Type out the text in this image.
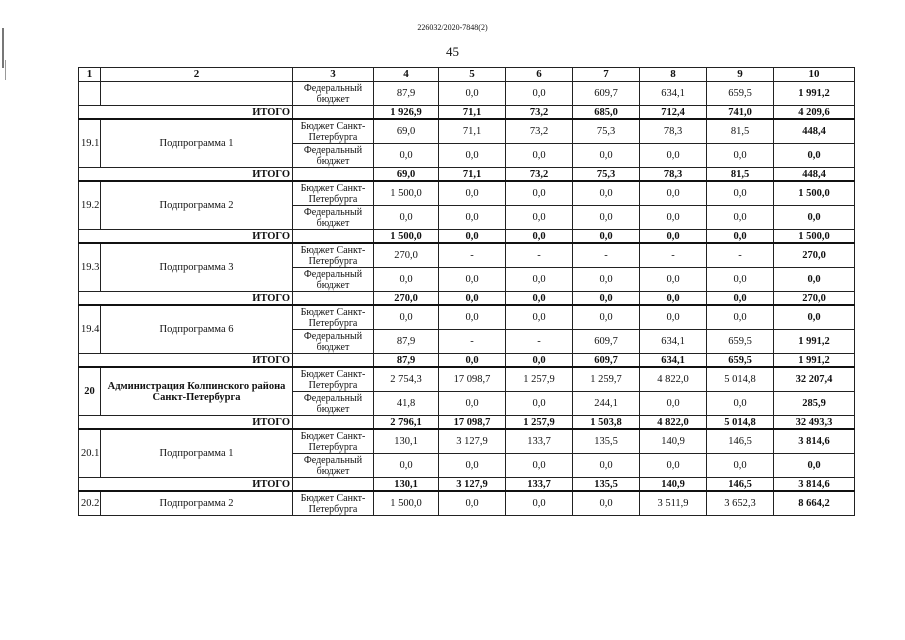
226032/2020-7848(2)
45
1	2	3	4	5	6	7	8	9	10
		Федеральный бюджет	87,9	0,0	0,0	609,7	634,1	659,5	1 991,2
ИТОГО			1 926,9	71,1	73,2	685,0	712,4	741,0	4 209,6
19.1	Подпрограмма 1	Бюджет Санкт-Петербурга	69,0	71,1	73,2	75,3	78,3	81,5	448,4
		Федеральный бюджет	0,0	0,0	0,0	0,0	0,0	0,0	0,0
ИТОГО			69,0	71,1	73,2	75,3	78,3	81,5	448,4
19.2	Подпрограмма 2	Бюджет Санкт-Петербурга	1 500,0	0,0	0,0	0,0	0,0	0,0	1 500,0
		Федеральный бюджет	0,0	0,0	0,0	0,0	0,0	0,0	0,0
ИТОГО			1 500,0	0,0	0,0	0,0	0,0	0,0	1 500,0
19.3	Подпрограмма 3	Бюджет Санкт-Петербурга	270,0	-	-	-	-	-	270,0
		Федеральный бюджет	0,0	0,0	0,0	0,0	0,0	0,0	0,0
ИТОГО			270,0	0,0	0,0	0,0	0,0	0,0	270,0
19.4	Подпрограмма 6	Бюджет Санкт-Петербурга	0,0	0,0	0,0	0,0	0,0	0,0	0,0
		Федеральный бюджет	87,9	-	-	609,7	634,1	659,5	1 991,2
ИТОГО			87,9	0,0	0,0	609,7	634,1	659,5	1 991,2
20	Администрация Колпинского района Санкт-Петербурга	Бюджет Санкт-Петербурга	2 754,3	17 098,7	1 257,9	1 259,7	4 822,0	5 014,8	32 207,4
		Федеральный бюджет	41,8	0,0	0,0	244,1	0,0	0,0	285,9
ИТОГО			2 796,1	17 098,7	1 257,9	1 503,8	4 822,0	5 014,8	32 493,3
20.1	Подпрограмма 1	Бюджет Санкт-Петербурга	130,1	3 127,9	133,7	135,5	140,9	146,5	3 814,6
		Федеральный бюджет	0,0	0,0	0,0	0,0	0,0	0,0	0,0
ИТОГО			130,1	3 127,9	133,7	135,5	140,9	146,5	3 814,6
20.2	Подпрограмма 2	Бюджет Санкт-Петербурга	1 500,0	0,0	0,0	0,0	3 511,9	3 652,3	8 664,2
